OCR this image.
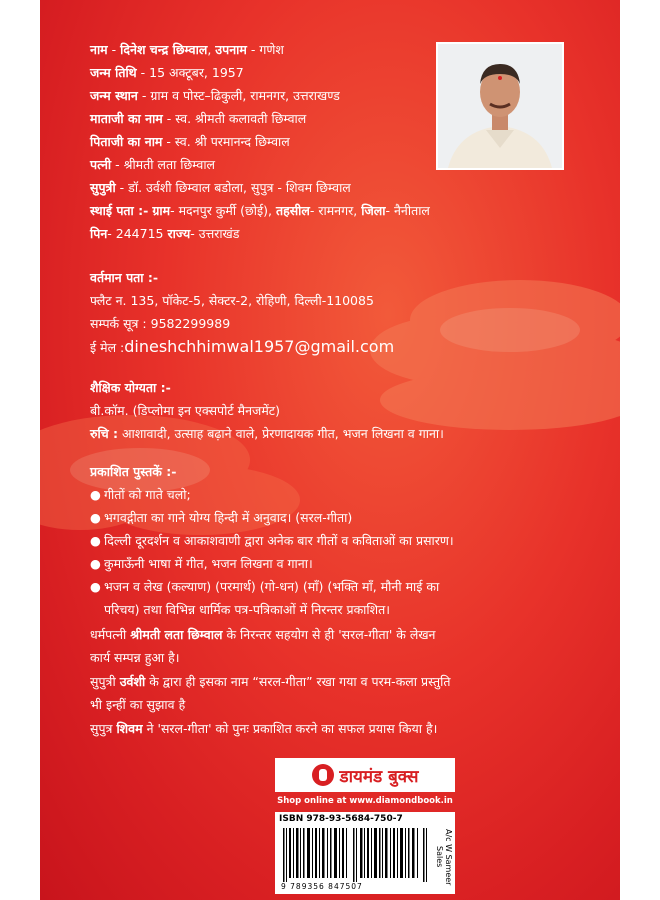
नाम - दिनेश चन्द्र छिम्वाल, उपनाम - गणेश
जन्म तिथि - 15 अक्टूबर, 1957
जन्म स्थान - ग्राम व पोस्ट–ढिकुली, रामनगर, उत्तराखण्ड
माताजी का नाम - स्व. श्रीमती कलावती छिम्वाल
पिताजी का नाम - स्व. श्री परमानन्द छिम्वाल
पत्नी - श्रीमती लता छिम्वाल
सुपुत्री - डॉ. उर्वशी छिम्वाल बडोला, सुपुत्र - शिवम छिम्वाल
स्थाई पता :- ग्राम- मदनपुर कुर्मी (छोई), तहसील- रामनगर, जिला- नैनीताल
पिन- 244715 राज्य- उत्तराखंड
वर्तमान पता :-
फ्लैट न. 135, पॉकेट-5, सेक्टर-2, रोहिणी, दिल्ली-110085
सम्पर्क सूत्र : 9582299989
ई मेल :dineshchhimwal1957@gmail.com
शैक्षिक योग्यता :-
बी.कॉम. (डिप्लोमा इन एक्सपोर्ट मैनजमेंट)
रुचि : आशावादी, उत्साह बढ़ाने वाले, प्रेरणादायक गीत, भजन लिखना व गाना।
प्रकाशित पुस्तकें :-
● गीतों को गाते चलो;
● भगवद्गीता का गाने योग्य हिन्दी में अनुवाद। (सरल-गीता)
● दिल्ली दूरदर्शन व आकाशवाणी द्वारा अनेक बार गीतों व कविताओं का प्रसारण।
● कुमाऊँनी भाषा में गीत, भजन लिखना व गाना।
● भजन व लेख (कल्याण) (परमार्थ) (गो-धन) (माँ) (भक्ति माँ, मौनी माई का
परिचय) तथा विभिन्न धार्मिक पत्र-पत्रिकाओं में निरन्तर प्रकाशित।
धर्मपत्नी श्रीमती लता छिम्वाल के निरन्तर सहयोग से ही 'सरल-गीता' के लेखन
कार्य सम्पन्न हुआ है।
सुपुत्री उर्वशी के द्वारा ही इसका नाम “सरल-गीता” रखा गया व परम-कला प्रस्तुति
भी इन्हीं का सुझाव है
सुपुत्र शिवम ने 'सरल-गीता' को पुनः प्रकाशित करने का सफल प्रयास किया है।
डायमंड बुक्स
Shop online at www.diamondbook.in
ISBN 978-93-5684-750-7
9 789356 847507
A/c W Sameer Sales
